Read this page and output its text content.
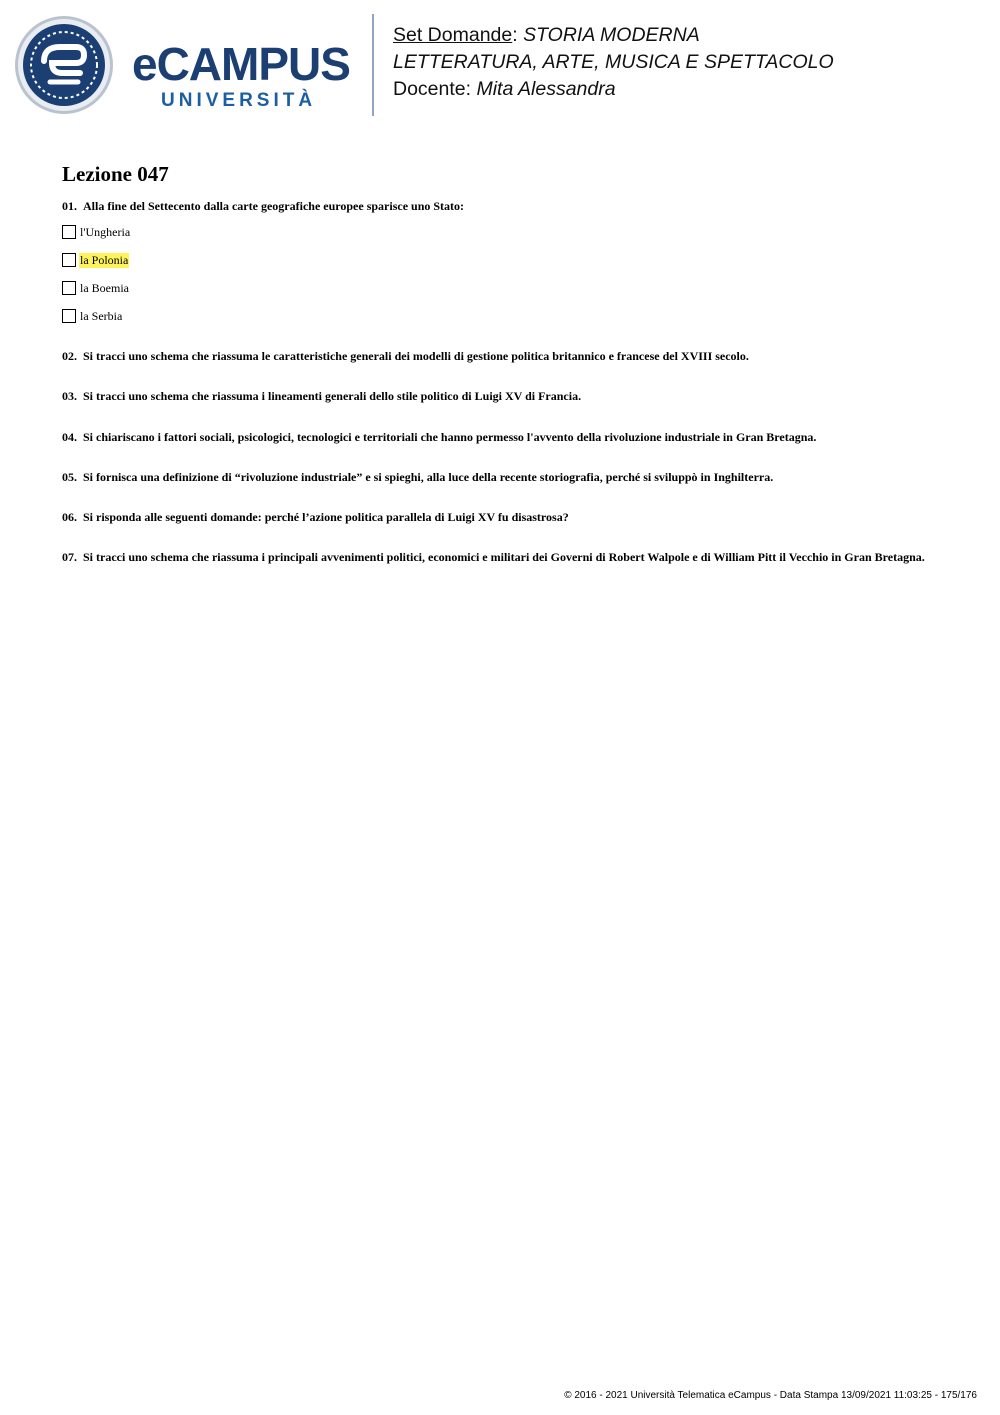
eCAMPUS
UNIVERSITÀ
Set Domande: STORIA MODERNA
LETTERATURA, ARTE, MUSICA E SPETTACOLO
Docente: Mita Alessandra
Lezione 047
01. Alla fine del Settecento dalla carte geografiche europee sparisce uno Stato:
l'Ungheria
la Polonia
la Boemia
la Serbia
02. Si tracci uno schema che riassuma le caratteristiche generali dei modelli di gestione politica britannico e francese del XVIII secolo.
03. Si tracci uno schema che riassuma i lineamenti generali dello stile politico di Luigi XV di Francia.
04. Si chiariscano i fattori sociali, psicologici, tecnologici e territoriali che hanno permesso l'avvento della rivoluzione industriale in Gran Bretagna.
05. Si fornisca una definizione di “rivoluzione industriale” e si spieghi, alla luce della recente storiografia, perché si sviluppò in Inghilterra.
06. Si risponda alle seguenti domande: perché l’azione politica parallela di Luigi XV fu disastrosa?
07. Si tracci uno schema che riassuma i principali avvenimenti politici, economici e militari dei Governi di Robert Walpole e di William Pitt il Vecchio in Gran Bretagna.
© 2016 - 2021 Università Telematica eCampus - Data Stampa 13/09/2021 11:03:25 - 175/176
